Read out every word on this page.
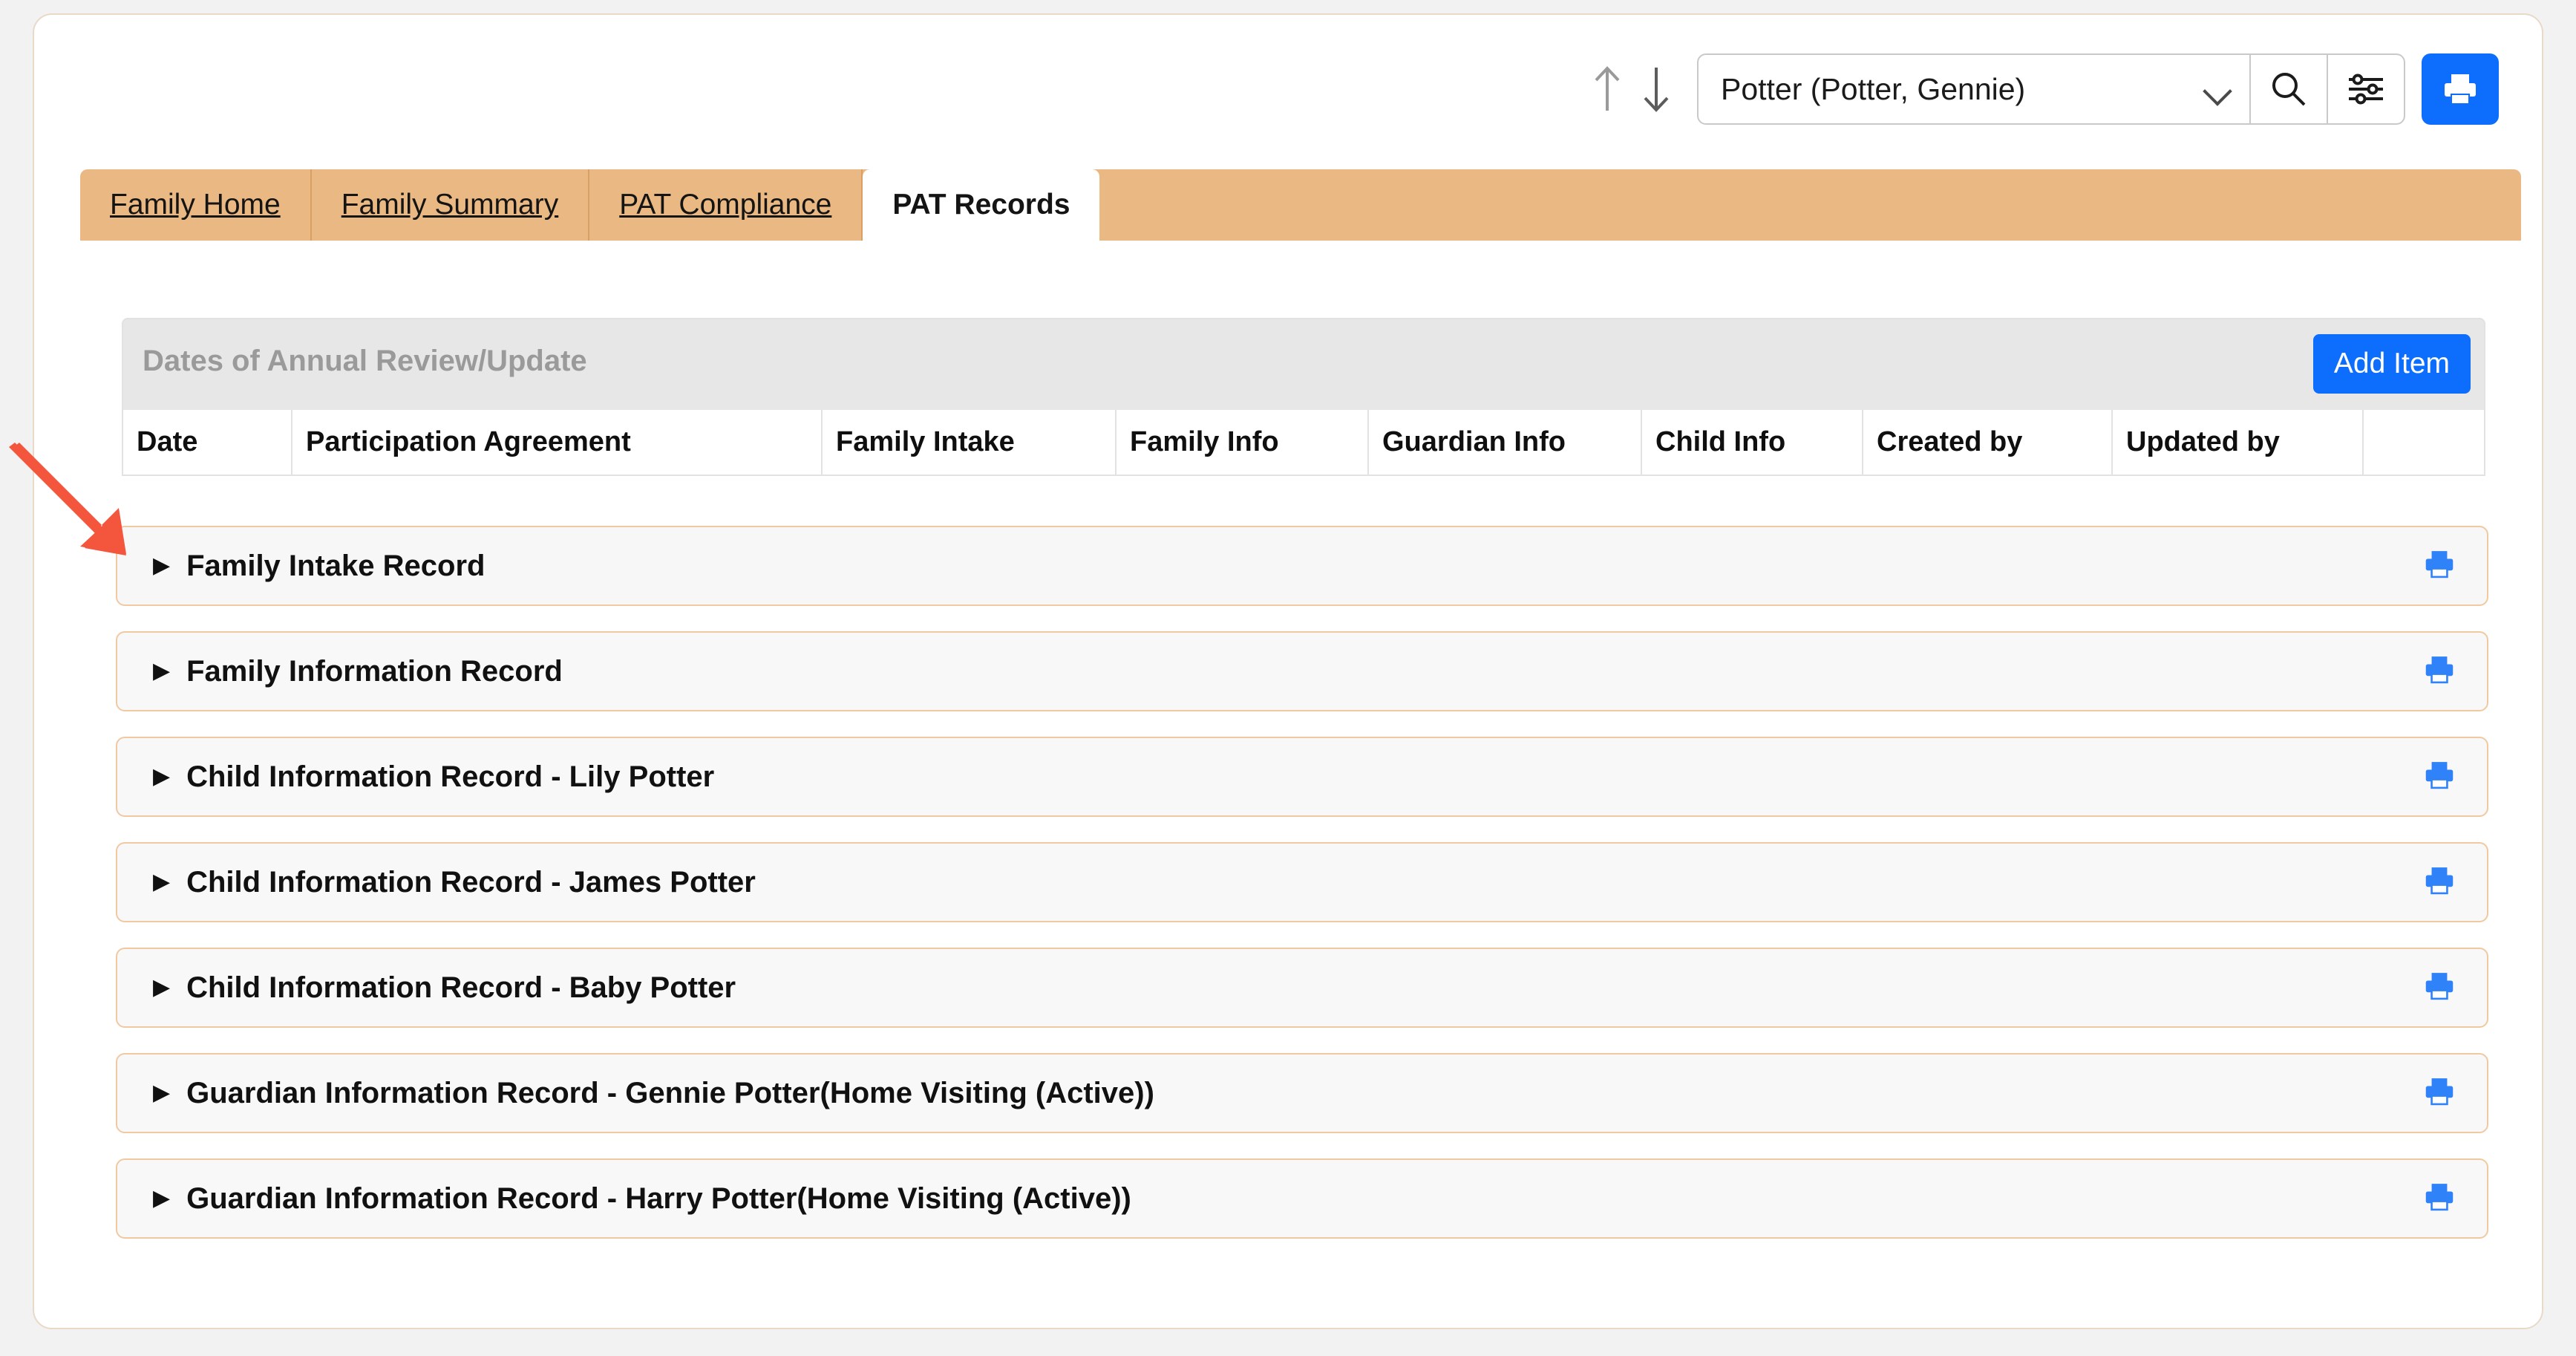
Potter (Potter, Gennie)
Family Home	Family Summary	PAT Compliance	PAT Records
Dates of Annual Review/Update	Add Item
Date	Participation Agreement	Family Intake	Family Info	Guardian Info	Child Info	Created by	Updated by
▶ Family Intake Record
▶ Family Information Record
▶ Child Information Record - Lily Potter
▶ Child Information Record - James Potter
▶ Child Information Record - Baby Potter
▶ Guardian Information Record - Gennie Potter(Home Visiting (Active))
▶ Guardian Information Record - Harry Potter(Home Visiting (Active))
